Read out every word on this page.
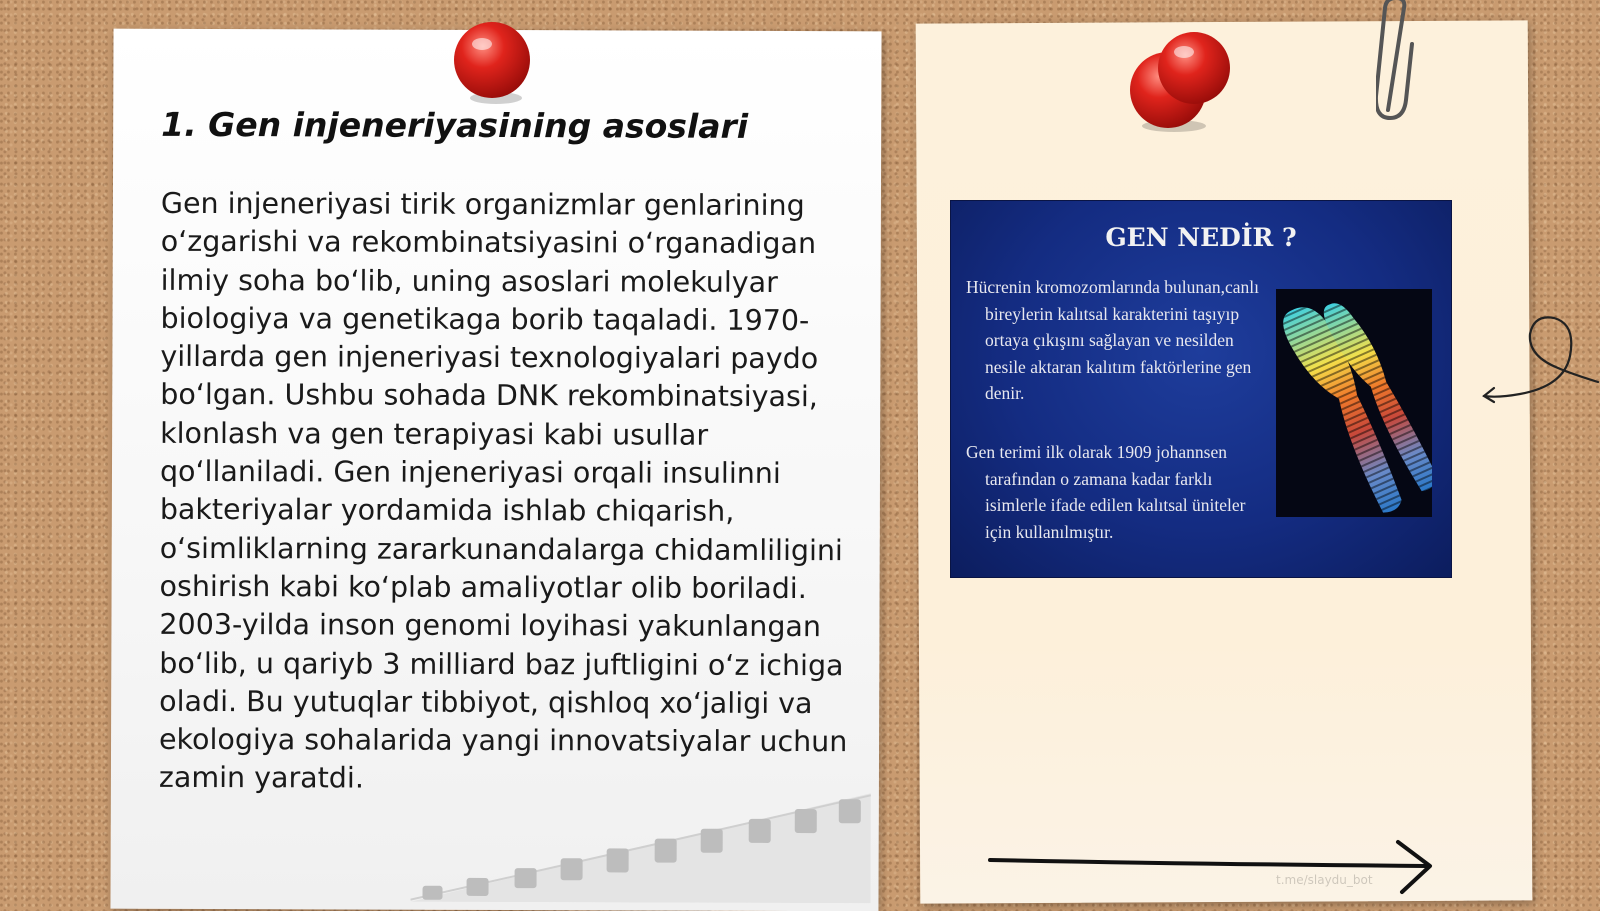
1. Gen injeneriyasining asoslari

Gen injeneriyasi tirik organizmlar genlarining o‘zgarishi va rekombinatsiyasini o‘rganadigan ilmiy soha bo‘lib, uning asoslari molekulyar biologiya va genetikaga borib taqaladi. 1970-yillarda gen injeneriyasi texnologiyalari paydo bo‘lgan. Ushbu sohada DNK rekombinatsiyasi, klonlash va gen terapiyasi kabi usullar qo‘llaniladi. Gen injeneriyasi orqali insulinni bakteriyalar yordamida ishlab chiqarish, o‘simliklarning zararkunandalarga chidamliligini oshirish kabi ko‘plab amaliyotlar olib boriladi. 2003-yilda inson genomi loyihasi yakunlangan bo‘lib, u qariyb 3 milliard baz juftligini o‘z ichiga oladi. Bu yutuqlar tibbiyot, qishloq xo‘jaligi va ekologiya sohalarida yangi innovatsiyalar uchun zamin yaratdi.

GEN NEDİR ?

Hücrenin kromozomlarında bulunan,canlı bireylerin kalıtsal karakterini taşıyıp ortaya çıkışını sağlayan ve nesilden nesile aktaran kalıtım faktörlerine gen denir.

Gen terimi ilk olarak 1909 johannsen tarafından o zamana kadar farklı isimlerle ifade edilen kalıtsal üniteler için kullanılmıştır.

t.me/slaydu_bot
